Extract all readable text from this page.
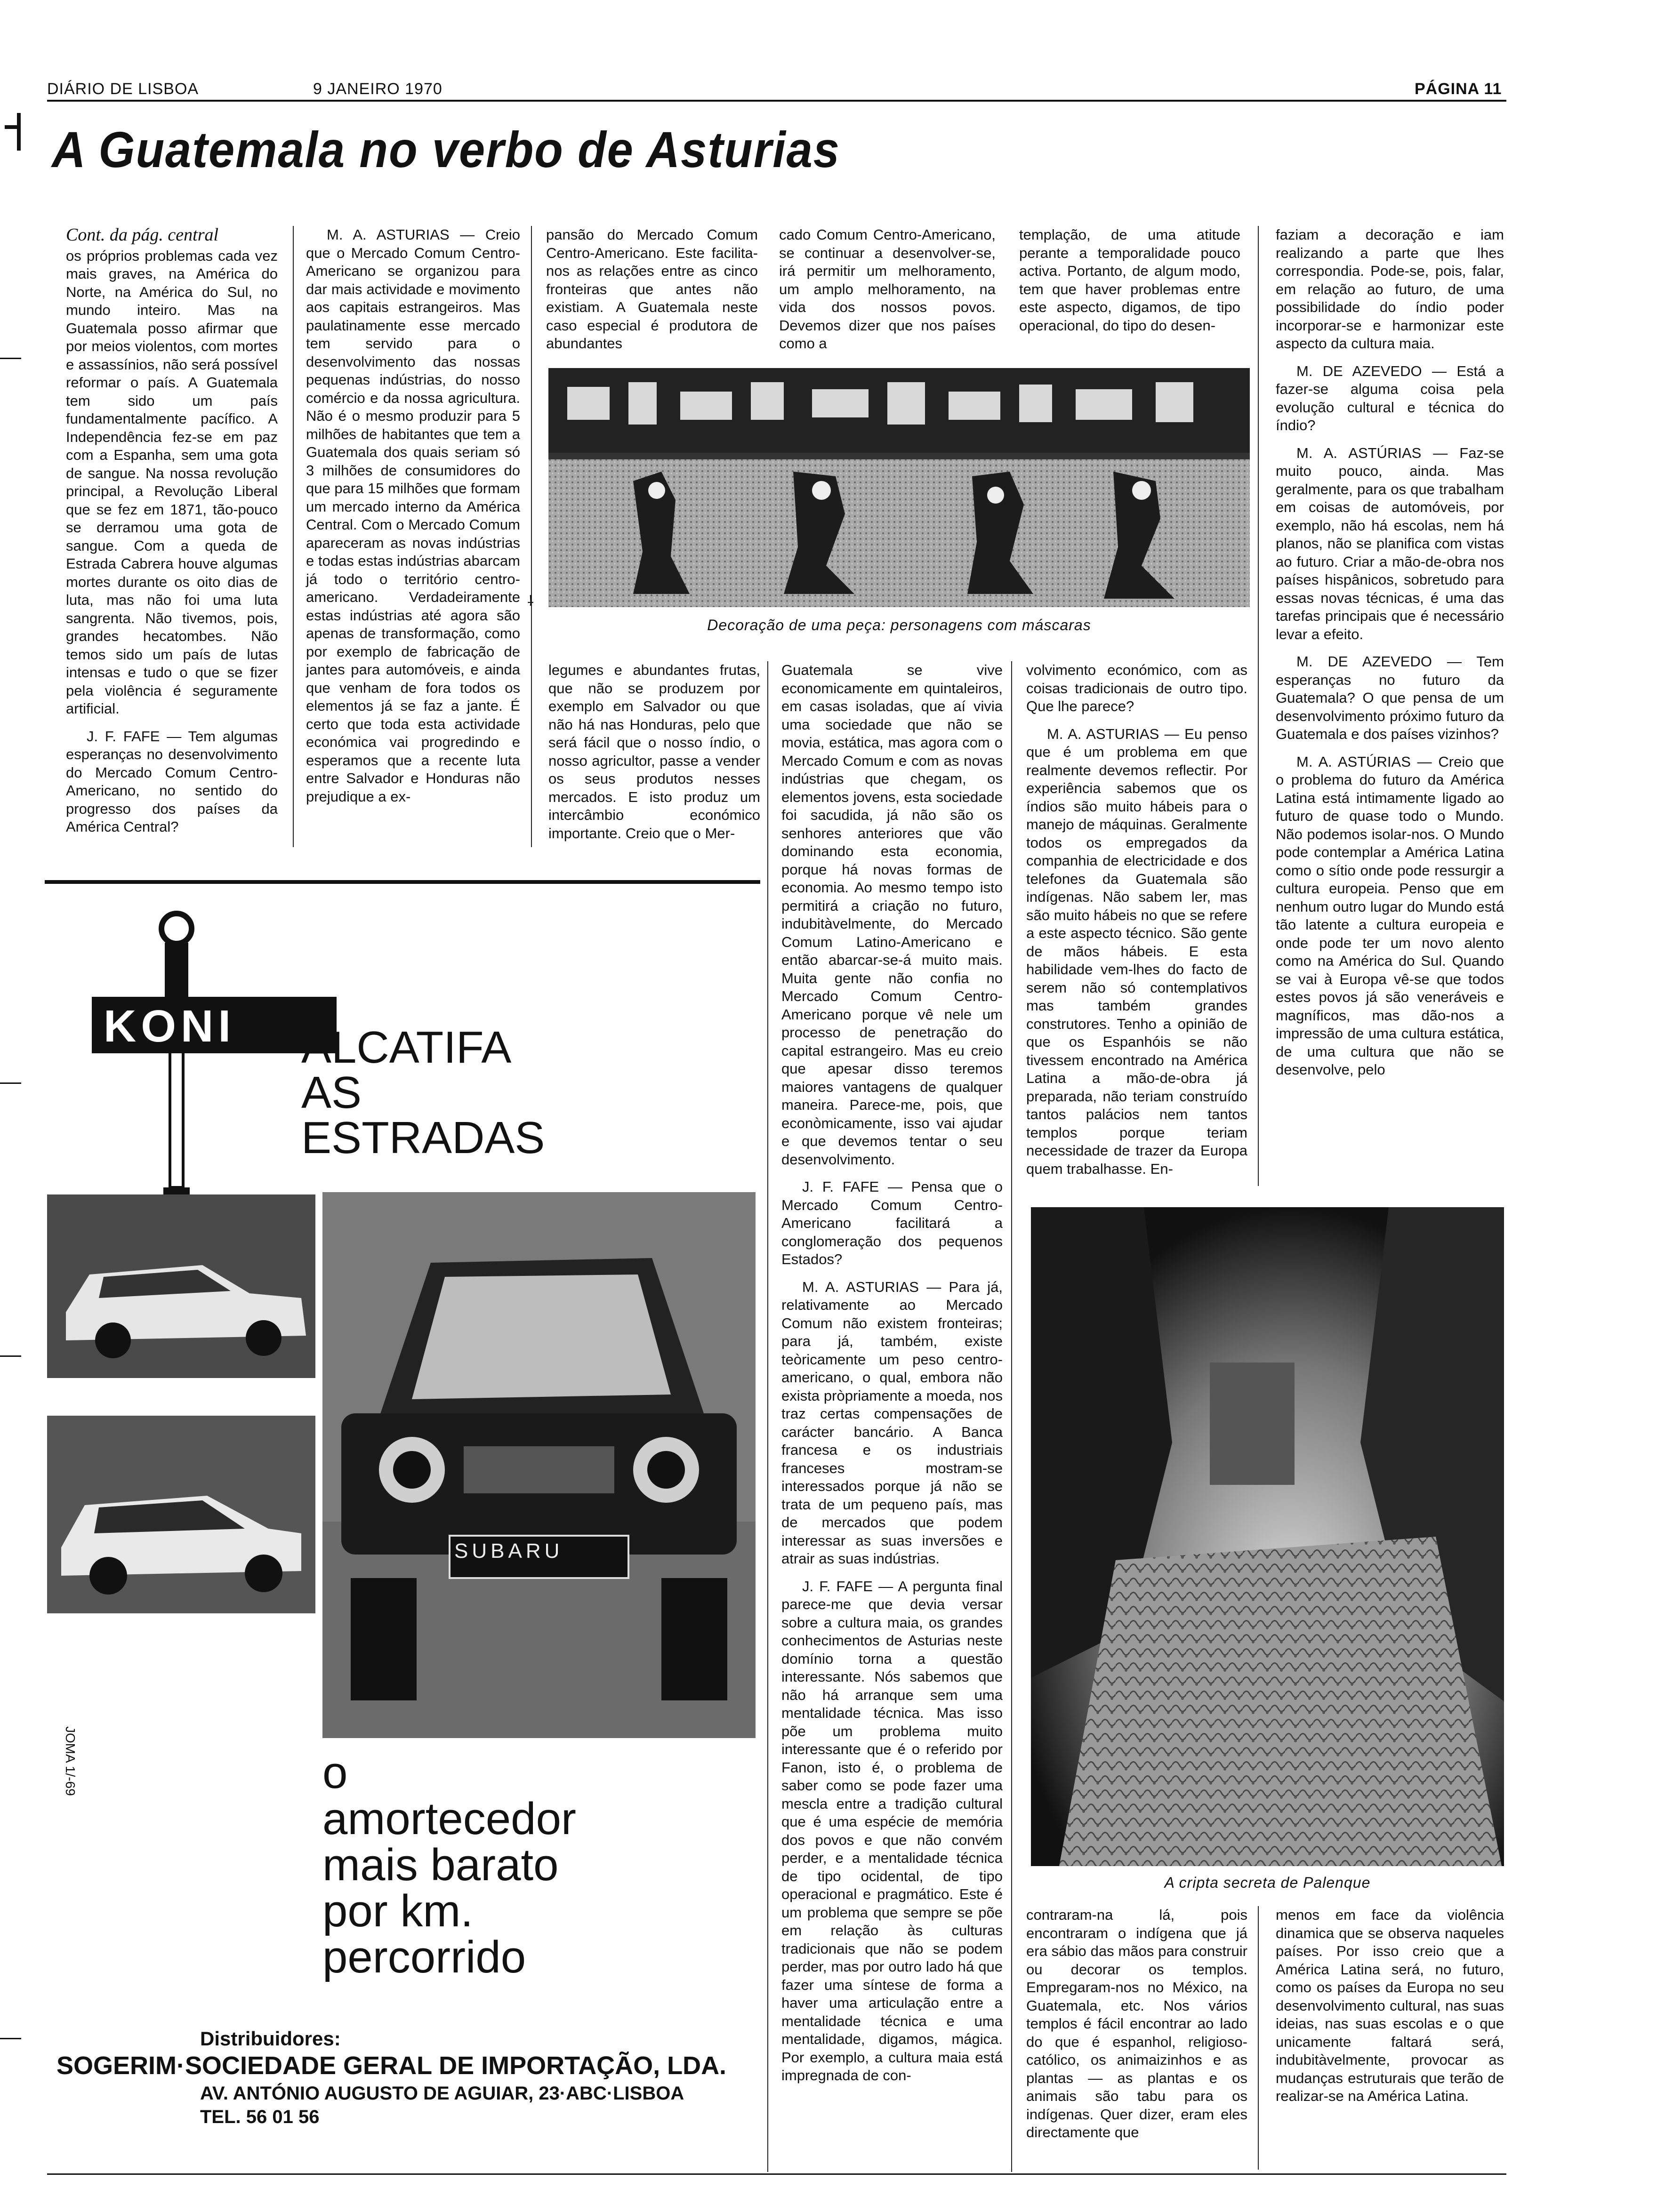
DIÁRIO DE LISBOA	9 JANEIRO 1970	PÁGINA 11
A Guatemala no verbo de Asturias
Cont. da pág. central

os próprios problemas cada vez mais graves, na América do Norte, na América do Sul, no mundo inteiro. Mas na Guatemala posso afirmar que por meios violentos, com mortes e assassínios, não será possível reformar o país. A Guatemala tem sido um país fundamentalmente pacífico. A Independência fez-se em paz com a Espanha, sem uma gota de sangue. Na nossa revolução principal, a Revolução Liberal que se fez em 1871, tão-pouco se derramou uma gota de sangue. Com a queda de Estrada Cabrera houve algumas mortes durante os oito dias de luta, mas não foi uma luta sangrenta. Não tivemos, pois, grandes hecatombes. Não temos sido um país de lutas intensas e tudo o que se fizer pela violência é seguramente artificial.

J. F. FAFE — Tem algumas esperanças no desenvolvimento do Mercado Comum Centro-Americano, no sentido do progresso dos países da América Central?

M. A. ASTURIAS — Creio que o Mercado Comum Centro-Americano se organizou para dar mais actividade e movimento aos capitais estrangeiros. Mas paulatinamente esse mercado tem servido para o desenvolvimento das nossas pequenas indústrias, do nosso comércio e da nossa agricultura. Não é o mesmo produzir para 5 milhões de habitantes que tem a Guatemala dos quais seriam só 3 milhões de consumidores do que para 15 milhões que formam um mercado interno da América Central. Com o Mercado Comum apareceram as novas indústrias e todas estas indústrias abarcam já todo o território centro-americano. Verdadeiramente estas indústrias até agora são apenas de transformação, como por exemplo de fabricação de jantes para automóveis, e ainda que venham de fora todos os elementos já se faz a jante. É certo que toda esta actividade económica vai progredindo e esperamos que a recente luta entre Salvador e Honduras não prejudique a ex-

pansão do Mercado Comum Centro-Americano. Este facilita-nos as relações entre as cinco fronteiras que antes não existiam. A Guatemala neste caso especial é produtora de abundantes

cado Comum Centro-Americano, se continuar a desenvolver-se, irá permitir um melhoramento, um amplo melhoramento, na vida dos nossos povos. Devemos dizer que nos países como a

templação, de uma atitude perante a temporalidade pouco activa. Portanto, de algum modo, tem que haver problemas entre este aspecto, digamos, de tipo operacional, do tipo do desen-

faziam a decoração e iam realizando a parte que lhes correspondia. Pode-se, pois, falar, em relação ao futuro, de uma possibilidade do índio poder incorporar-se e harmonizar este aspecto da cultura maia.

M. DE AZEVEDO — Está a fazer-se alguma coisa pela evolução cultural e técnica do índio?

M. A. ASTÚRIAS — Faz-se muito pouco, ainda. Mas geralmente, para os que trabalham em coisas de automóveis, por exemplo, não há escolas, nem há planos, não se planifica com vistas ao futuro. Criar a mão-de-obra nos países hispânicos, sobretudo para essas novas técnicas, é uma das tarefas principais que é necessário levar a efeito.

M. DE AZEVEDO — Tem esperanças no futuro da Guatemala? O que pensa de um desenvolvimento próximo futuro da Guatemala e dos países vizinhos?

M. A. ASTÚRIAS — Creio que o problema do futuro da América Latina está intimamente ligado ao futuro de quase todo o Mundo. Não podemos isolar-nos. O Mundo pode contemplar a América Latina como o sítio onde pode ressurgir a cultura europeia. Penso que em nenhum outro lugar do Mundo está tão latente a cultura europeia e onde pode ter um novo alento como na América do Sul. Quando se vai à Europa vê-se que todos estes povos já são veneráveis e magníficos, mas dão-nos a impressão de uma cultura estática, de uma cultura que não se desenvolve, pelo

Decoração de uma peça: personagens com máscaras
⸸

legumes e abundantes frutas, que não se produzem por exemplo em Salvador ou que não há nas Honduras, pelo que será fácil que o nosso índio, o nosso agricultor, passe a vender os seus produtos nesses mercados. E isto produz um intercâmbio económico importante. Creio que o Mer-

Guatemala se vive economicamente em quintaleiros, em casas isoladas, que aí vivia uma sociedade que não se movia, estática, mas agora com o Mercado Comum e com as novas indústrias que chegam, os elementos jovens, esta sociedade foi sacudida, já não são os senhores anteriores que vão dominando esta economia, porque há novas formas de economia. Ao mesmo tempo isto permitirá a criação no futuro, indubitàvelmente, do Mercado Comum Latino-Americano e então abarcar-se-á muito mais. Muita gente não confia no Mercado Comum Centro-Americano porque vê nele um processo de penetração do capital estrangeiro. Mas eu creio que apesar disso teremos maiores vantagens de qualquer maneira. Parece-me, pois, que econòmicamente, isso vai ajudar e que devemos tentar o seu desenvolvimento.

J. F. FAFE — Pensa que o Mercado Comum Centro-Americano facilitará a conglomeração dos pequenos Estados?

M. A. ASTURIAS — Para já, relativamente ao Mercado Comum não existem fronteiras; para já, também, existe teòricamente um peso centro-americano, o qual, embora não exista pròpriamente a moeda, nos traz certas compensações de carácter bancário. A Banca francesa e os industriais franceses mostram-se interessados porque já não se trata de um pequeno país, mas de mercados que podem interessar as suas inversões e atrair as suas indústrias.

J. F. FAFE — A pergunta final parece-me que devia versar sobre a cultura maia, os grandes conhecimentos de Asturias neste domínio torna a questão interessante. Nós sabemos que não há arranque sem uma mentalidade técnica. Mas isso põe um problema muito interessante que é o referido por Fanon, isto é, o problema de saber como se pode fazer uma mescla entre a tradição cultural que é uma espécie de memória dos povos e que não convém perder, e a mentalidade técnica de tipo ocidental, de tipo operacional e pragmático. Este é um problema que sempre se põe em relação às culturas tradicionais que não se podem perder, mas por outro lado há que fazer uma síntese de forma a haver uma articulação entre a mentalidade técnica e uma mentalidade, digamos, mágica. Por exemplo, a cultura maia está impregnada de con-

volvimento económico, com as coisas tradicionais de outro tipo. Que lhe parece?

M. A. ASTURIAS — Eu penso que é um problema em que realmente devemos reflectir. Por experiência sabemos que os índios são muito hábeis para o manejo de máquinas. Geralmente todos os empregados da companhia de electricidade e dos telefones da Guatemala são indígenas. Não sabem ler, mas são muito hábeis no que se refere a este aspecto técnico. São gente de mãos hábeis. E esta habilidade vem-lhes do facto de serem não só contemplativos mas também grandes construtores. Tenho a opinião de que os Espanhóis se não tivessem encontrado na América Latina a mão-de-obra já preparada, não teriam construído tantos palácios nem tantos templos porque teriam necessidade de trazer da Europa quem trabalhasse. En-

A cripta secreta de Palenque

contraram-na lá, pois encontraram o indígena que já era sábio das mãos para construir ou decorar os templos. Empregaram-nos no México, na Guatemala, etc. Nos vários templos é fácil encontrar ao lado do que é espanhol, religioso-católico, os animaizinhos e as plantas — as plantas e os animais são tabu para os indígenas. Quer dizer, eram eles directamente que

menos em face da violência dinamica que se observa naqueles países. Por isso creio que a América Latina será, no futuro, como os países da Europa no seu desenvolvimento cultural, nas suas ideias, nas suas escolas e o que unicamente faltará será, indubitàvelmente, provocar as mudanças estruturais que terão de realizar-se na América Latina.

KONI ALCATIFA
AS
ESTRADAS
SUBARU
o
amortecedor
mais barato
por km.
percorrido
JOMA 1/-69
Distribuidores:
SOGERIM·SOCIEDADE GERAL DE IMPORTAÇÃO, LDA.
AV. ANTÓNIO AUGUSTO DE AGUIAR, 23·ABC·LISBOA
TEL. 56 01 56
